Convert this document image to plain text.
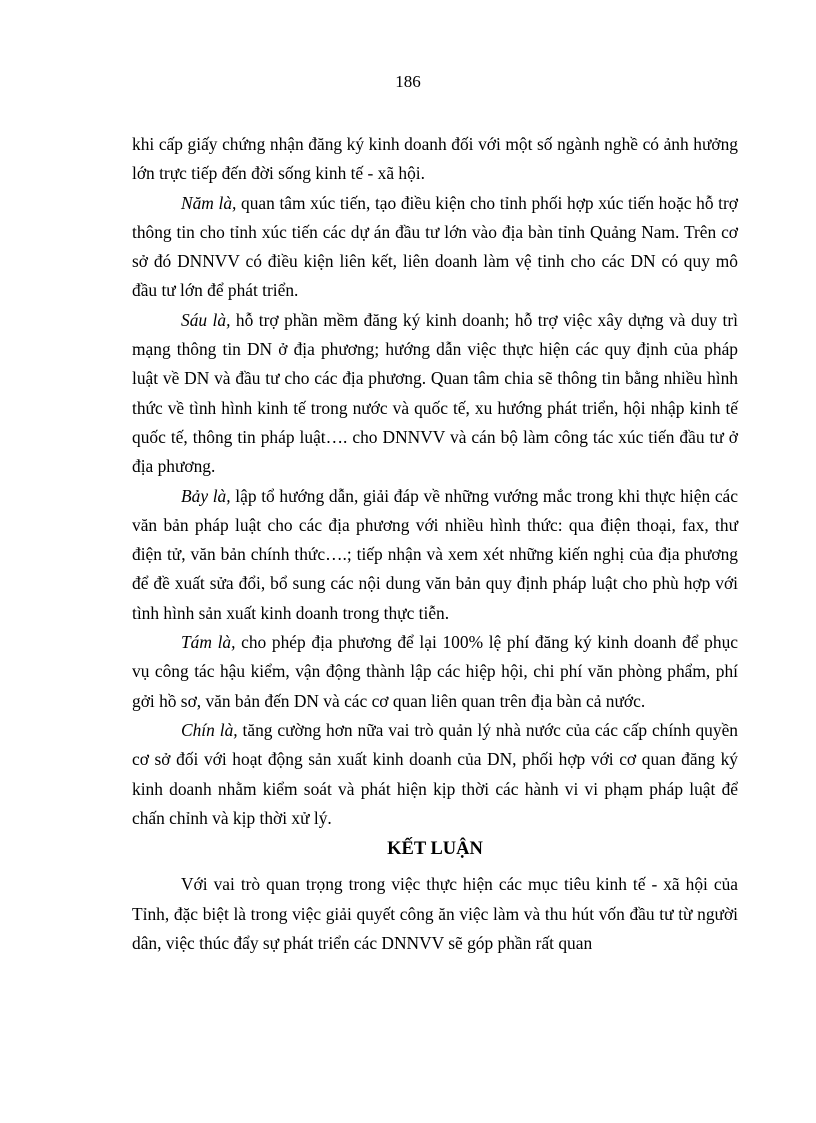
186

khi cấp giấy chứng nhận đăng ký kinh doanh đối với một số ngành nghề có ảnh hưởng lớn trực tiếp đến đời sống kinh tế - xã hội.

Năm là, quan tâm xúc tiến, tạo điều kiện cho tỉnh phối hợp xúc tiến hoặc hỗ trợ thông tin cho tỉnh xúc tiến các dự án đầu tư lớn vào địa bàn tỉnh Quảng Nam. Trên cơ sở đó DNNVV có điều kiện liên kết, liên doanh làm vệ tinh cho các DN có quy mô đầu tư lớn để phát triển.

Sáu là, hỗ trợ phần mềm đăng ký kinh doanh; hỗ trợ việc xây dựng và duy trì mạng thông tin DN ở địa phương; hướng dẫn việc thực hiện các quy định của pháp luật về DN và đầu tư cho các địa phương. Quan tâm chia sẽ thông tin bằng nhiều hình thức về tình hình kinh tế trong nước và quốc tế, xu hướng phát triển, hội nhập kinh tế quốc tế, thông tin pháp luật…. cho DNNVV và cán bộ làm công tác xúc tiến đầu tư ở địa phương.

Bảy là, lập tổ hướng dẫn, giải đáp về những vướng mắc trong khi thực hiện các văn bản pháp luật cho các địa phương với nhiều hình thức: qua điện thoại, fax, thư điện tử, văn bản chính thức….; tiếp nhận và xem xét những kiến nghị của địa phương để đề xuất sửa đổi, bổ sung các nội dung văn bản quy định pháp luật cho phù hợp với tình hình sản xuất kinh doanh trong thực tiễn.

Tám là, cho phép địa phương để lại 100% lệ phí đăng ký kinh doanh để phục vụ công tác hậu kiểm, vận động thành lập các hiệp hội, chi phí văn phòng phẩm, phí gởi hồ sơ, văn bản đến DN và các cơ quan liên quan trên địa bàn cả nước.

Chín là, tăng cường hơn nữa vai trò quản lý nhà nước của các cấp chính quyền cơ sở đối với hoạt động sản xuất kinh doanh của DN, phối hợp với cơ quan đăng ký kinh doanh nhằm kiểm soát và phát hiện kịp thời các hành vi vi phạm pháp luật để chấn chỉnh và kịp thời xử lý.

KẾT LUẬN

Với vai trò quan trọng trong việc thực hiện các mục tiêu kinh tế - xã hội của Tỉnh, đặc biệt là trong việc giải quyết công ăn việc làm và thu hút vốn đầu tư từ người dân, việc thúc đẩy sự phát triển các DNNVV sẽ góp phần rất quan
